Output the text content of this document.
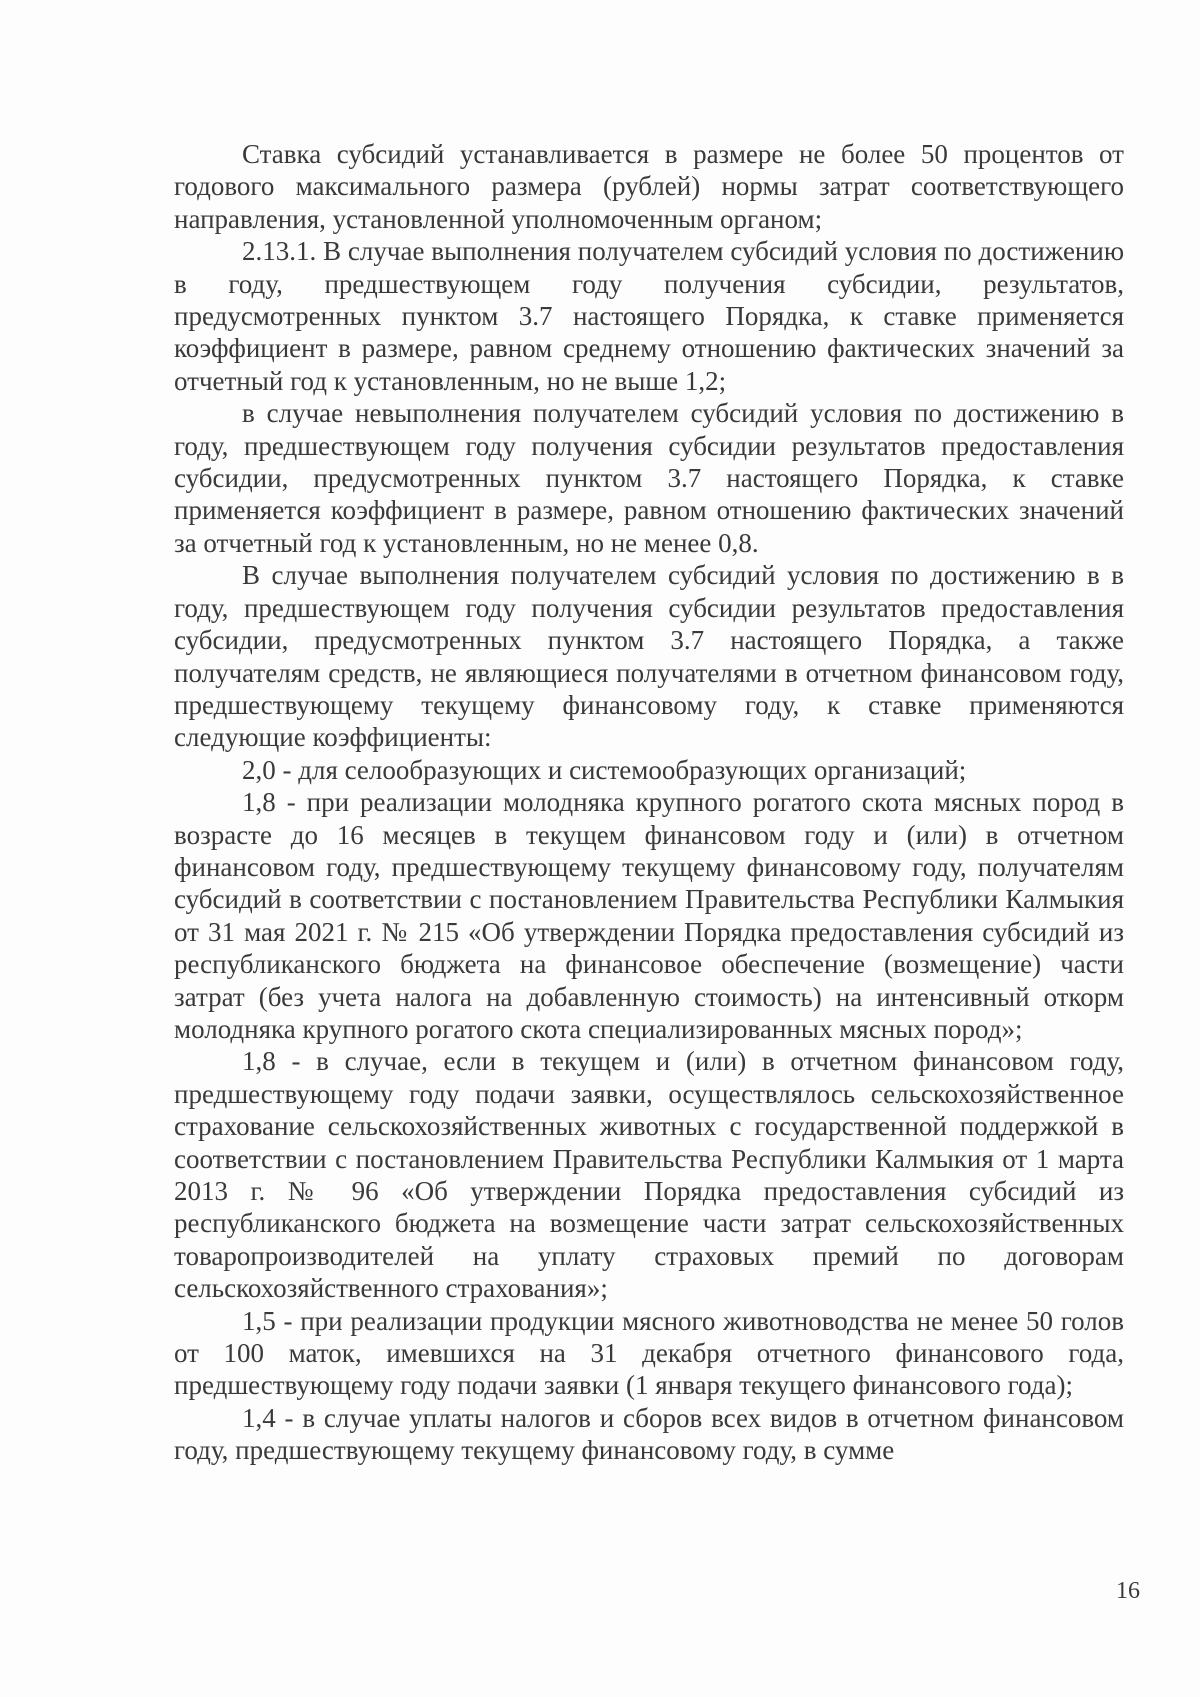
Ставка субсидий устанавливается в размере не более 50 процентов от годового максимального размера (рублей) нормы затрат соответствующего направления, установленной уполномоченным органом;

2.13.1. В случае выполнения получателем субсидий условия по достижению в году, предшествующем году получения субсидии, результатов, предусмотренных пунктом 3.7 настоящего Порядка, к ставке применяется коэффициент в размере, равном среднему отношению фактических значений за отчетный год к установленным, но не выше 1,2;

в случае невыполнения получателем субсидий условия по достижению в году, предшествующем году получения субсидии результатов предоставления субсидии, предусмотренных пунктом 3.7 настоящего Порядка, к ставке применяется коэффициент в размере, равном отношению фактических значений за отчетный год к установленным, но не менее 0,8.

В случае выполнения получателем субсидий условия по достижению в в году, предшествующем году получения субсидии результатов предоставления субсидии, предусмотренных пунктом 3.7 настоящего Порядка, а также получателям средств, не являющиеся получателями в отчетном финансовом году, предшествующему текущему финансовому году, к ставке применяются следующие коэффициенты:

2,0 - для селообразующих и системообразующих организаций;

1,8 - при реализации молодняка крупного рогатого скота мясных пород в возрасте до 16 месяцев в текущем финансовом году и (или) в отчетном финансовом году, предшествующему текущему финансовому году, получателям субсидий в соответствии с постановлением Правительства Республики Калмыкия от 31 мая 2021 г. № 215 «Об утверждении Порядка предоставления субсидий из республиканского бюджета на финансовое обеспечение (возмещение) части затрат (без учета налога на добавленную стоимость) на интенсивный откорм молодняка крупного рогатого скота специализированных мясных пород»;

1,8 - в случае, если в текущем и (или) в отчетном финансовом году, предшествующему году подачи заявки, осуществлялось сельскохозяйственное страхование сельскохозяйственных животных с государственной поддержкой в соответствии с постановлением Правительства Республики Калмыкия от 1 марта 2013 г. № 96 «Об утверждении Порядка предоставления субсидий из республиканского бюджета на возмещение части затрат сельскохозяйственных товаропроизводителей на уплату страховых премий по договорам сельскохозяйственного страхования»;

1,5 - при реализации продукции мясного животноводства не менее 50 голов от 100 маток, имевшихся на 31 декабря отчетного финансового года, предшествующему году подачи заявки (1 января текущего финансового года);

1,4 - в случае уплаты налогов и сборов всех видов в отчетном финансовом году, предшествующему текущему финансовому году, в сумме

16
